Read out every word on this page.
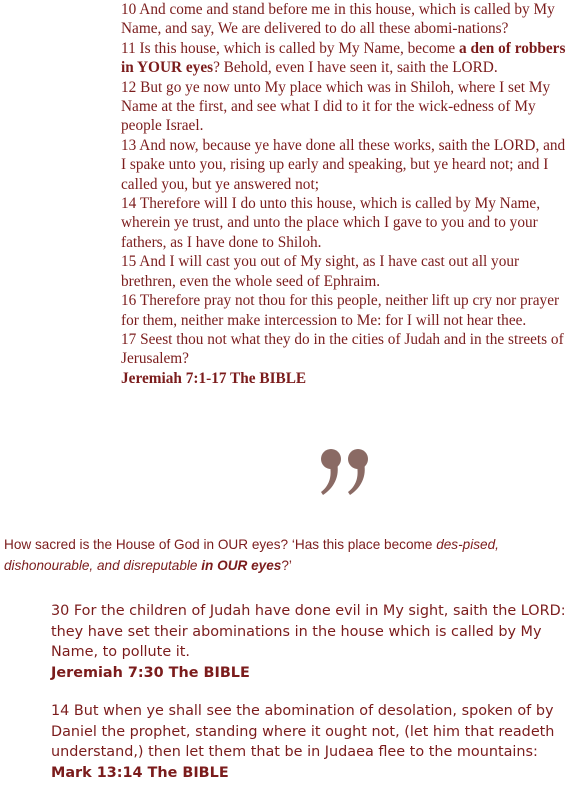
10 And come and stand before me in this house, which is called by My Name, and say, We are delivered to do all these abomi-nations?

11 Is this house, which is called by My Name, become a den of robbers in YOUR eyes? Behold, even I have seen it, saith the LORD.

12 But go ye now unto My place which was in Shiloh, where I set My Name at the first, and see what I did to it for the wick-edness of My people Israel.

13 And now, because ye have done all these works, saith the LORD, and I spake unto you, rising up early and speaking, but ye heard not; and I called you, but ye answered not;

14 Therefore will I do unto this house, which is called by My Name, wherein ye trust, and unto the place which I gave to you and to your fathers, as I have done to Shiloh.

15 And I will cast you out of My sight, as I have cast out all your brethren, even the whole seed of Ephraim.

16 Therefore pray not thou for this people, neither lift up cry nor prayer for them, neither make intercession to Me: for I will not hear thee.

17 Seest thou not what they do in the cities of Judah and in the streets of Jerusalem?

Jeremiah 7:1-17 The BIBLE

How sacred is the House of God in OUR eyes? ‘Has this place become des-pised, dishonourable, and disreputable in OUR eyes?’

30 For the children of Judah have done evil in My sight, saith the LORD: they have set their abominations in the house which is called by My Name, to pollute it.

Jeremiah 7:30 The BIBLE

14 But when ye shall see the abomination of desolation, spoken of by Daniel the prophet, standing where it ought not, (let him that readeth understand,) then let them that be in Judaea flee to the mountains:

Mark 13:14 The BIBLE
